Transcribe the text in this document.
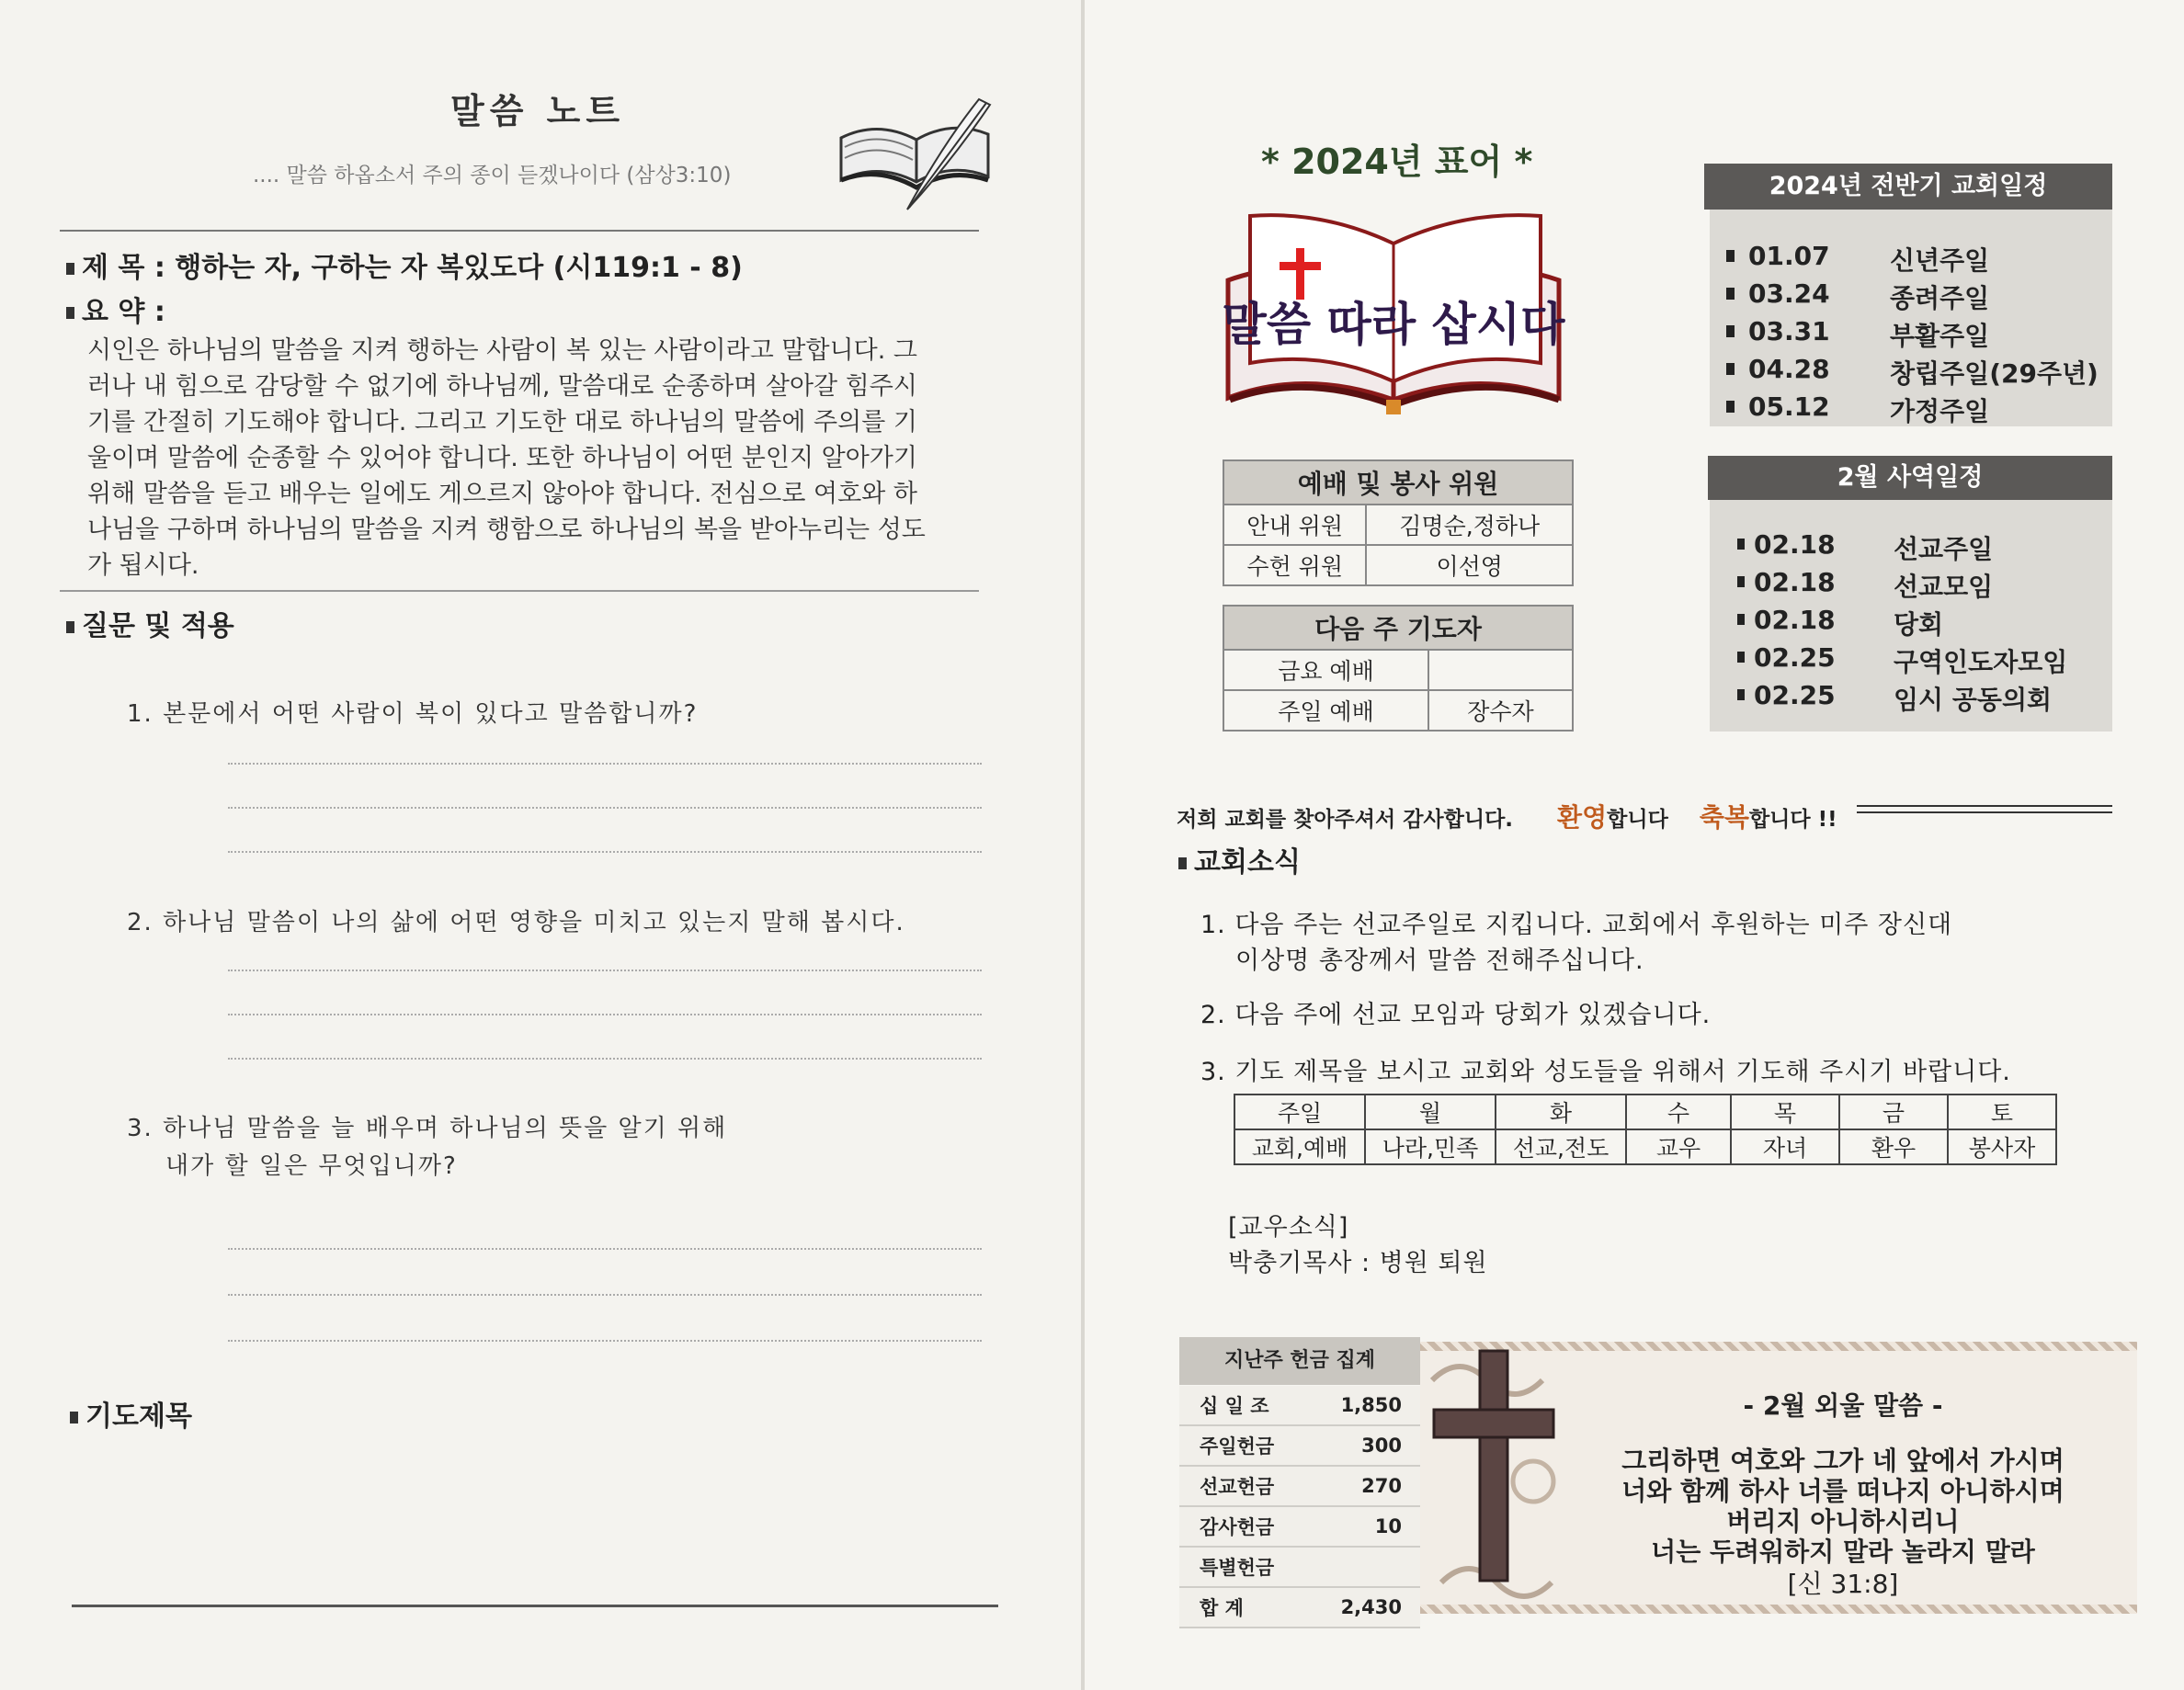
말씀 노트
.... 말씀 하옵소서 주의 종이 듣겠나이다 (삼상3:10)
제 목 : 행하는 자, 구하는 자 복있도다 (시119:1 - 8)
요 약 :
시인은 하나님의 말씀을 지켜 행하는 사람이 복 있는 사람이라고 말합니다. 그
러나 내 힘으로 감당할 수 없기에 하나님께, 말씀대로 순종하며 살아갈 힘주시
기를 간절히 기도해야 합니다. 그리고 기도한 대로 하나님의 말씀에 주의를 기
울이며 말씀에 순종할 수 있어야 합니다. 또한 하나님이 어떤 분인지 알아가기
위해 말씀을 듣고 배우는 일에도 게으르지 않아야 합니다. 전심으로 여호와 하
나님을 구하며 하나님의 말씀을 지켜 행함으로 하나님의 복을 받아누리는 성도
가 됩시다.
질문 및 적용
1. 본문에서 어떤 사람이 복이 있다고 말씀합니까?
2. 하나님 말씀이 나의 삶에 어떤 영향을 미치고 있는지 말해 봅시다.
3. 하나님 말씀을 늘 배우며 하나님의 뜻을 알기 위해
내가 할 일은 무엇입니까?
기도제목
* 2024년 표어 *
말씀 따라 삽시다
예배 및 봉사 위원	
안내 위원	김명순,정하나
수헌 위원	이선영
다음 주 기도자	
금요 예배	
주일 예배	장수자
2024년 전반기 교회일정
01.07 신년주일
03.24 종려주일
03.31 부활주일
04.28 창립주일(29주년)
05.12 가정주일
2월 사역일정
02.18 선교주일
02.18 선교모임
02.18 당회
02.25 구역인도자모임
02.25 임시 공동의회
저희 교회를 찾아주셔서 감사합니다. 환영합니다 축복합니다 !!
교회소식
1. 다음 주는 선교주일로 지킵니다. 교회에서 후원하는 미주 장신대
이상명 총장께서 말씀 전해주십니다.
2. 다음 주에 선교 모임과 당회가 있겠습니다.
3. 기도 제목을 보시고 교회와 성도들을 위해서 기도해 주시기 바랍니다.
주일	월	화	수	목	금	토
교회,예배	나라,민족	선교,전도	교우	자녀	환우	봉사자
[교우소식]
박충기목사 : 병원 퇴원
지난주 헌금 집계
십 일 조	1,850
주일헌금	300
선교헌금	270
감사헌금	10
특별헌금	
합 계	2,430
- 2월 외울 말씀 -
그리하면 여호와 그가 네 앞에서 가시며
너와 함께 하사 너를 떠나지 아니하시며
버리지 아니하시리니
너는 두려워하지 말라 놀라지 말라
[신 31:8]
